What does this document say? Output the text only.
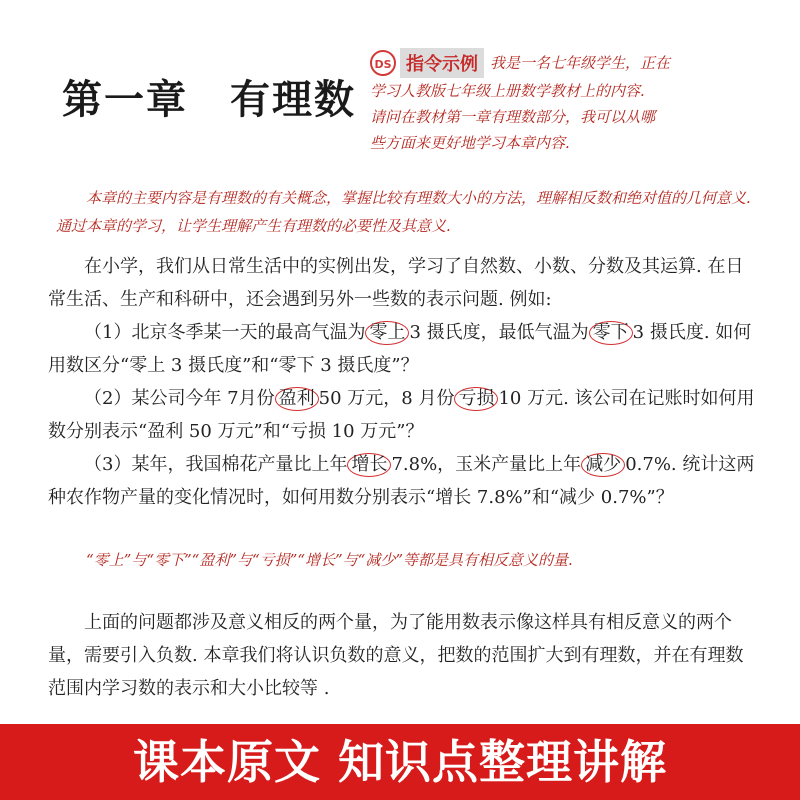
第一章　有理数
DS 指令示例 我是一名七年级学生，正在
学习人教版七年级上册数学教材上的内容.
请问在教材第一章有理数部分，我可以从哪
些方面来更好地学习本章内容.
本章的主要内容是有理数的有关概念，掌握比较有理数大小的方法，理解相反数和绝对值的几何意义. 通过本章的学习，让学生理解产生有理数的必要性及其意义.

在小学，我们从日常生活中的实例出发，学习了自然数、小数、分数及其运算. 在日常生活、生产和科研中，还会遇到另外一些数的表示问题. 例如:

（1）北京冬季某一天的最高气温为 零上 3 摄氏度，最低气温为 零下 3 摄氏度. 如何用数区分“零上 3 摄氏度”和“零下 3 摄氏度”？

（2）某公司今年 7月份 盈利 50 万元，8 月份 亏损 10 万元. 该公司在记账时如何用数分别表示“盈利 50 万元”和“亏损 10 万元”？

（3）某年，我国棉花产量比上年 增长 7.8%，玉米产量比上年 减少 0.7%. 统计这两种农作物产量的变化情况时，如何用数分别表示“增长 7.8%”和“减少 0.7%”？

“零上”与“零下”“盈利”与“亏损”“增长”与“减少”等都是具有相反意义的量.

上面的问题都涉及意义相反的两个量，为了能用数表示像这样具有相反意义的两个量，需要引入负数. 本章我们将认识负数的意义，把数的范围扩大到有理数，并在有理数范围内学习数的表示和大小比较等 .

课本原文 知识点整理讲解
